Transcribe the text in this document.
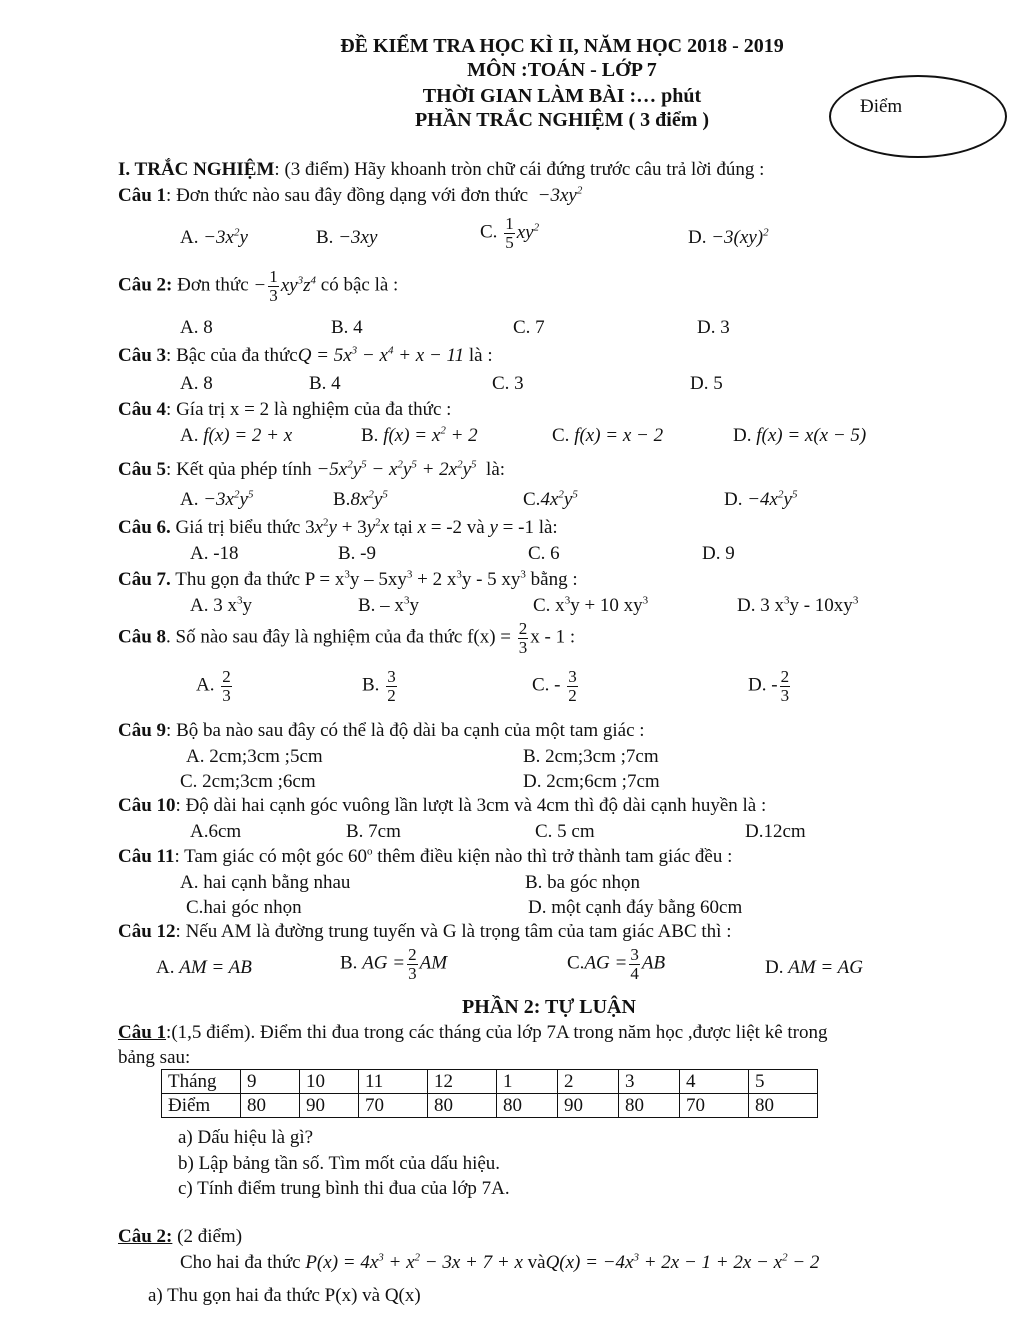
ĐỀ KIỂM TRA HỌC KÌ II, NĂM HỌC 2018 - 2019
MÔN :TOÁN - LỚP 7
THỜI GIAN LÀM BÀI :… phút
PHẦN TRẮC NGHIỆM ( 3 điểm )
Điểm
I. TRẮC NGHIỆM: (3 điểm) Hãy khoanh tròn chữ cái đứng trước câu trả lời đúng :
Câu 1: Đơn thức nào sau đây đồng dạng với đơn thức  $-3xy^2$
A. $-3x^2y$	B. −3xy	C. $\frac{1}{5} xy^2$	D. −3(xy)$^2$
Câu 2: Đơn thức − $\frac{1}{3} xy^3z^4$ có bậc là :
A. 8	B. 4	C. 7	D. 3
Câu 3: Bậc của đa thứcQ = $5x^3 - x^4 + x - 11$ là :
A. 8	B. 4	C. 3	D. 5
Câu 4: Gía trị x = 2 là nghiệm của đa thức :
A. f(x) = 2 + x	B. $f(x) = x^2 + 2$	C. f(x) = x − 2	D. f(x) = x(x − 5)
Câu 5: Kết qủa phép tính $-5x^2y^5 - x^2y^5 + 2x^2y^5$ là:
A. $-3x^2y^5$	$B.8x^2y^5$	$C.4x^2y^5$	D. $-4x^2y^5$
Câu 6. Giá trị biểu thức $3x^2y + 3y^2x$ tại x = -2 và y = -1 là:
A. -18	B. -9	C. 6	D. 9
Câu 7. Thu gọn đa thức $P = x^3y - 5xy^3 + 2$ $x^3y - 5$ $xy^3$ bằng :
A. 3 $x^3y$	B. – $x^3y$	C. $x^3y + 10$ $xy^3$	D. 3 $x^3y - 10xy^3$
Câu 8. Số nào sau đây là nghiệm của đa thức $f(x) = \frac{2}{3}$ x - 1 :
A. $\frac{2}{3}$	B. $\frac{3}{2}$	C. - $\frac{3}{2}$	D. - $\frac{2}{3}$
Câu 9: Bộ ba nào sau đây có thể là độ dài ba cạnh của một tam giác :
A. 2cm;3cm ;5cm	B. 2cm;3cm ;7cm
C. 2cm;3cm ;6cm	D. 2cm;6cm ;7cm
Câu 10: Độ dài hai cạnh góc vuông lần lượt là 3cm và 4cm thì độ dài cạnh huyền là :
A.6cm	B. 7cm	C. 5 cm	D.12cm
Câu 11: Tam giác có một góc 60$^o$ thêm điều kiện nào thì trở thành tam giác đều :
A. hai cạnh bằng nhau	B. ba góc nhọn
C.hai góc nhọn	D. một cạnh đáy bằng 60cm
Câu 12: Nếu AM là đường trung tuyến và G là trọng tâm của tam giác ABC thì :
A. AM = AB	B. AG = $\frac{2}{3}$ AM	$C.AG = \frac{3}{4}$ AB	D. AM = AG
PHẦN 2: TỰ LUẬN
Câu 1:(1,5 điểm). Điểm thi đua trong các tháng của lớp 7A trong năm học ,được liệt kê trong
bảng sau:
Tháng	9	10	11	12	1	2	3	4	5
Điểm	80	90	70	80	80	90	80	70	80
a) Dấu hiệu là gì?
b) Lập bảng tần số. Tìm mốt của dấu hiệu.
c) Tính điểm trung bình thi đua của lớp 7A.
Câu 2: (2 điểm)
Cho hai đa thức $P(x) = 4x^3 + x^2 - 3x + 7 + x$ vàQ(x) = $-4x^3 + 2x - 1 + 2x - x^2 - 2$
a) Thu gọn hai đa thức P(x) và Q(x)
